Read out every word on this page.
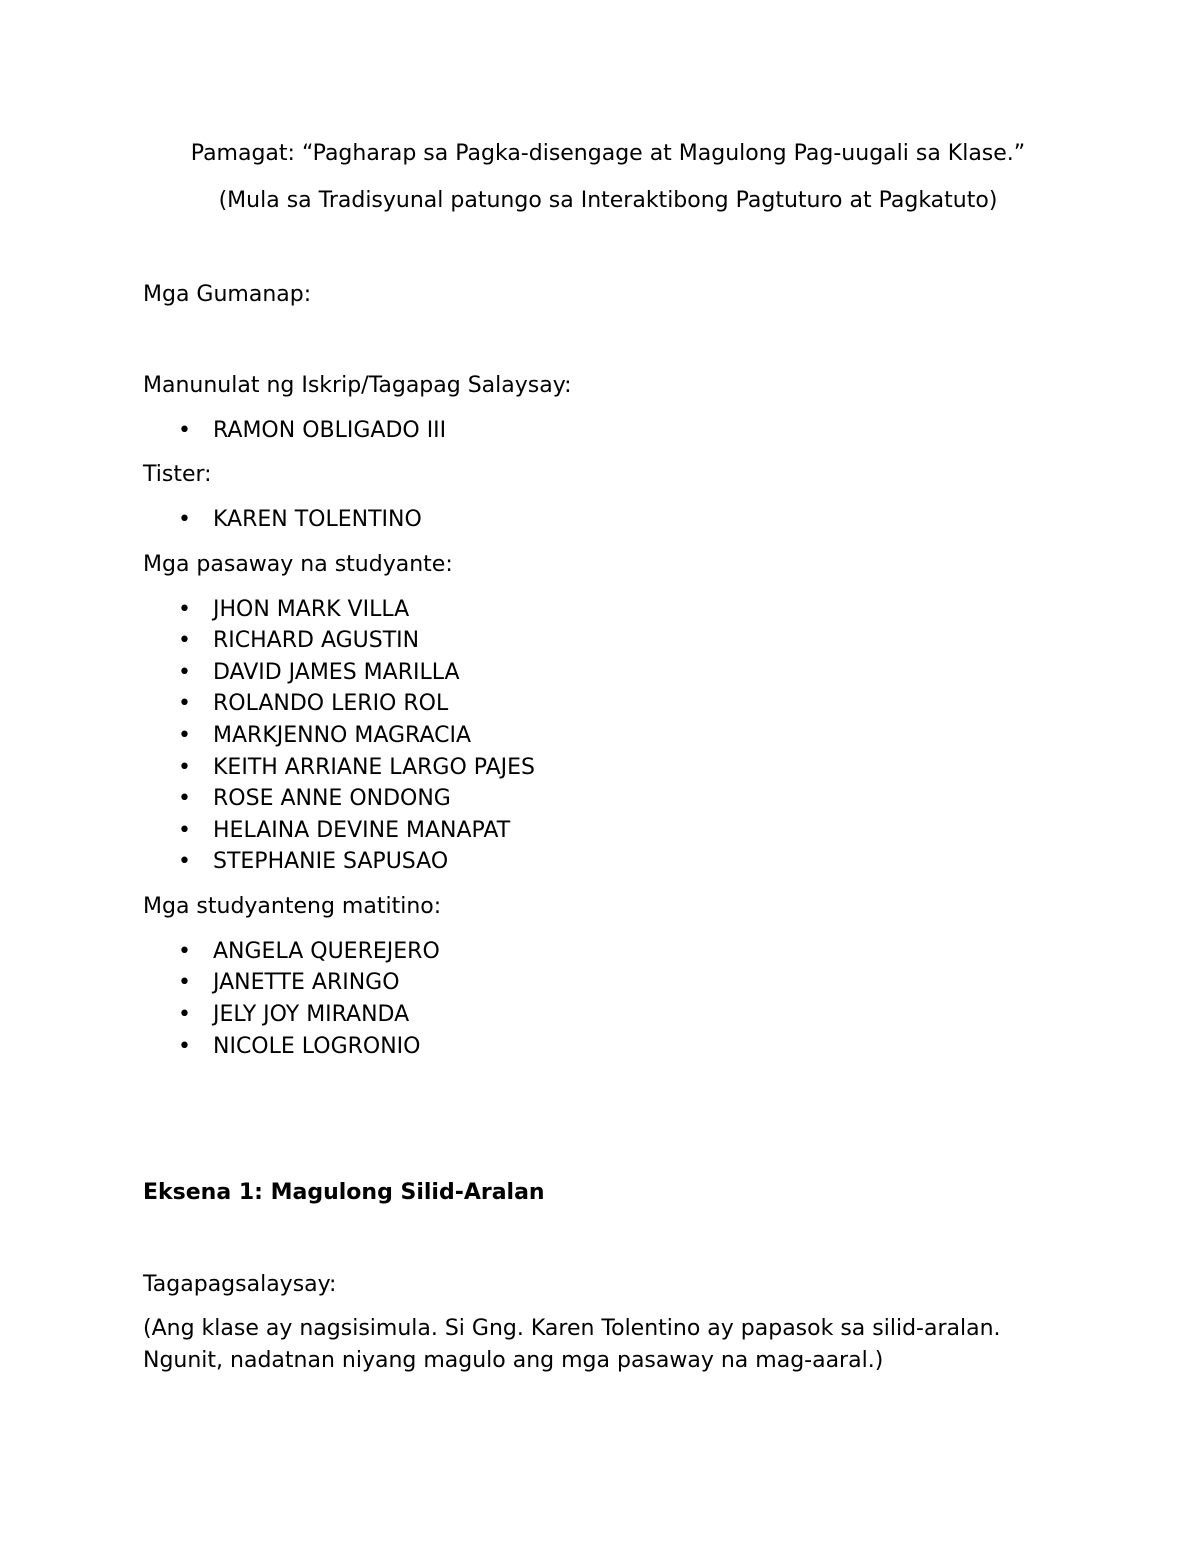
Pamagat: “Pagharap sa Pagka-disengage at Magulong Pag-uugali sa Klase.”

(Mula sa Tradisyunal patungo sa Interaktibong Pagtuturo at Pagkatuto)

Mga Gumanap:

Manunulat ng Iskrip/Tagapag Salaysay:

• RAMON OBLIGADO III

Tister:

• KAREN TOLENTINO

Mga pasaway na studyante:

• JHON MARK VILLA
• RICHARD AGUSTIN
• DAVID JAMES MARILLA
• ROLANDO LERIO ROL
• MARKJENNO MAGRACIA
• KEITH ARRIANE LARGO PAJES
• ROSE ANNE ONDONG
• HELAINA DEVINE MANAPAT
• STEPHANIE SAPUSAO

Mga studyanteng matitino:

• ANGELA QUEREJERO
• JANETTE ARINGO
• JELY JOY MIRANDA
• NICOLE LOGRONIO

Eksena 1: Magulong Silid-Aralan

Tagapagsalaysay:

(Ang klase ay nagsisimula. Si Gng. Karen Tolentino ay papasok sa silid-aralan. Ngunit, nadatnan niyang magulo ang mga pasaway na mag-aaral.)
